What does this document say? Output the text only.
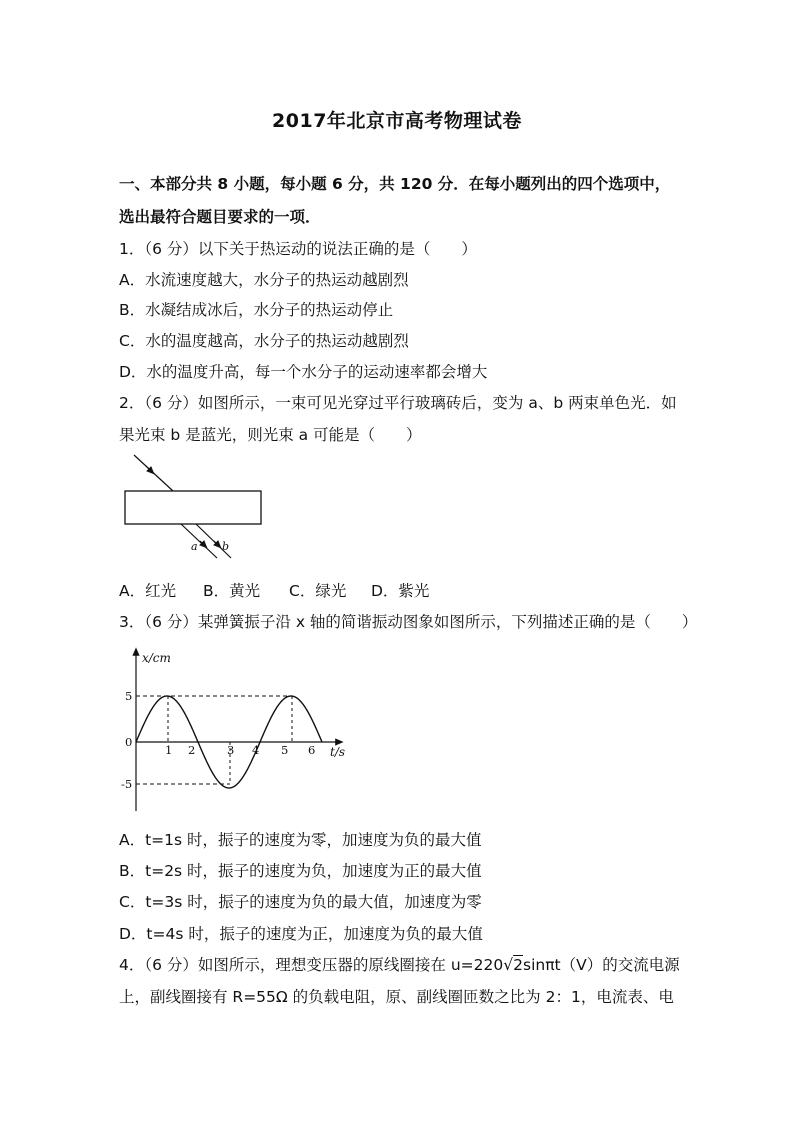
2017年北京市高考物理试卷
一、本部分共 8 小题，每小题 6 分，共 120 分．在每小题列出的四个选项中，
选出最符合题目要求的一项．
1．（6 分）以下关于热运动的说法正确的是（　　）
A．水流速度越大，水分子的热运动越剧烈
B．水凝结成冰后，水分子的热运动停止
C．水的温度越高，水分子的热运动越剧烈
D．水的温度升高，每一个水分子的运动速率都会增大
2．（6 分）如图所示，一束可见光穿过平行玻璃砖后，变为 a、b 两束单色光．如
果光束 b 是蓝光，则光束 a 可能是（　　）
a b
A．红光 B．黄光 C．绿光 D．紫光
3．（6 分）某弹簧振子沿 x 轴的简谐振动图象如图所示，下列描述正确的是（　　）
x/cm
t/s
5
0
-5
1 2	3 4 5 6
A．t=1s 时，振子的速度为零，加速度为负的最大值
B．t=2s 时，振子的速度为负，加速度为正的最大值
C．t=3s 时，振子的速度为负的最大值，加速度为零
D．t=4s 时，振子的速度为正，加速度为负的最大值
4．（6 分）如图所示，理想变压器的原线圈接在 u=220√2sinπt（V）的交流电源
上，副线圈接有 R=55Ω 的负载电阻，原、副线圈匝数之比为 2：1，电流表、电
